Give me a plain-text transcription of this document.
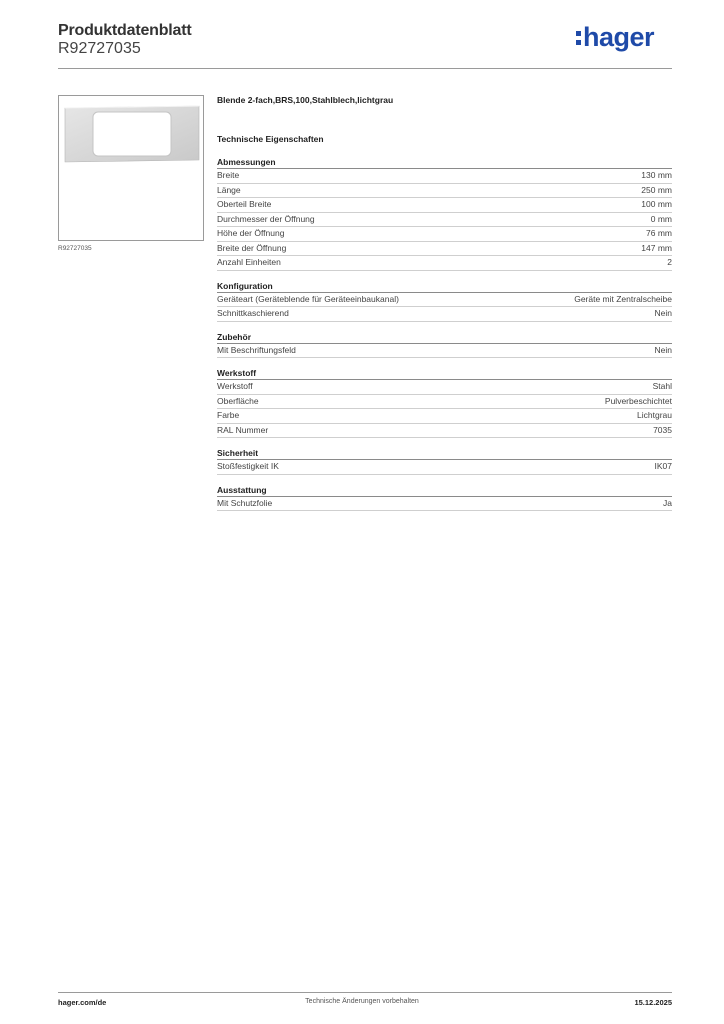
Produktdatenblatt
R92727035	hager
R92727035
Blende 2-fach,BRS,100,Stahlblech,lichtgrau
Technische Eigenschaften
Abmessungen
Breite	130 mm
Länge	250 mm
Oberteil Breite	100 mm
Durchmesser der Öffnung	0 mm
Höhe der Öffnung	76 mm
Breite der Öffnung	147 mm
Anzahl Einheiten	2
Konfiguration
Geräteart (Geräteblende für Geräteeinbaukanal)	Geräte mit Zentralscheibe
Schnittkaschierend	Nein
Zubehör
Mit Beschriftungsfeld	Nein
Werkstoff
Werkstoff	Stahl
Oberfläche	Pulverbeschichtet
Farbe	Lichtgrau
RAL Nummer	7035
Sicherheit
Stoßfestigkeit IK	IK07
Ausstattung
Mit Schutzfolie	Ja
Technische Änderungen vorbehalten
hager.com/de	15.12.2025
